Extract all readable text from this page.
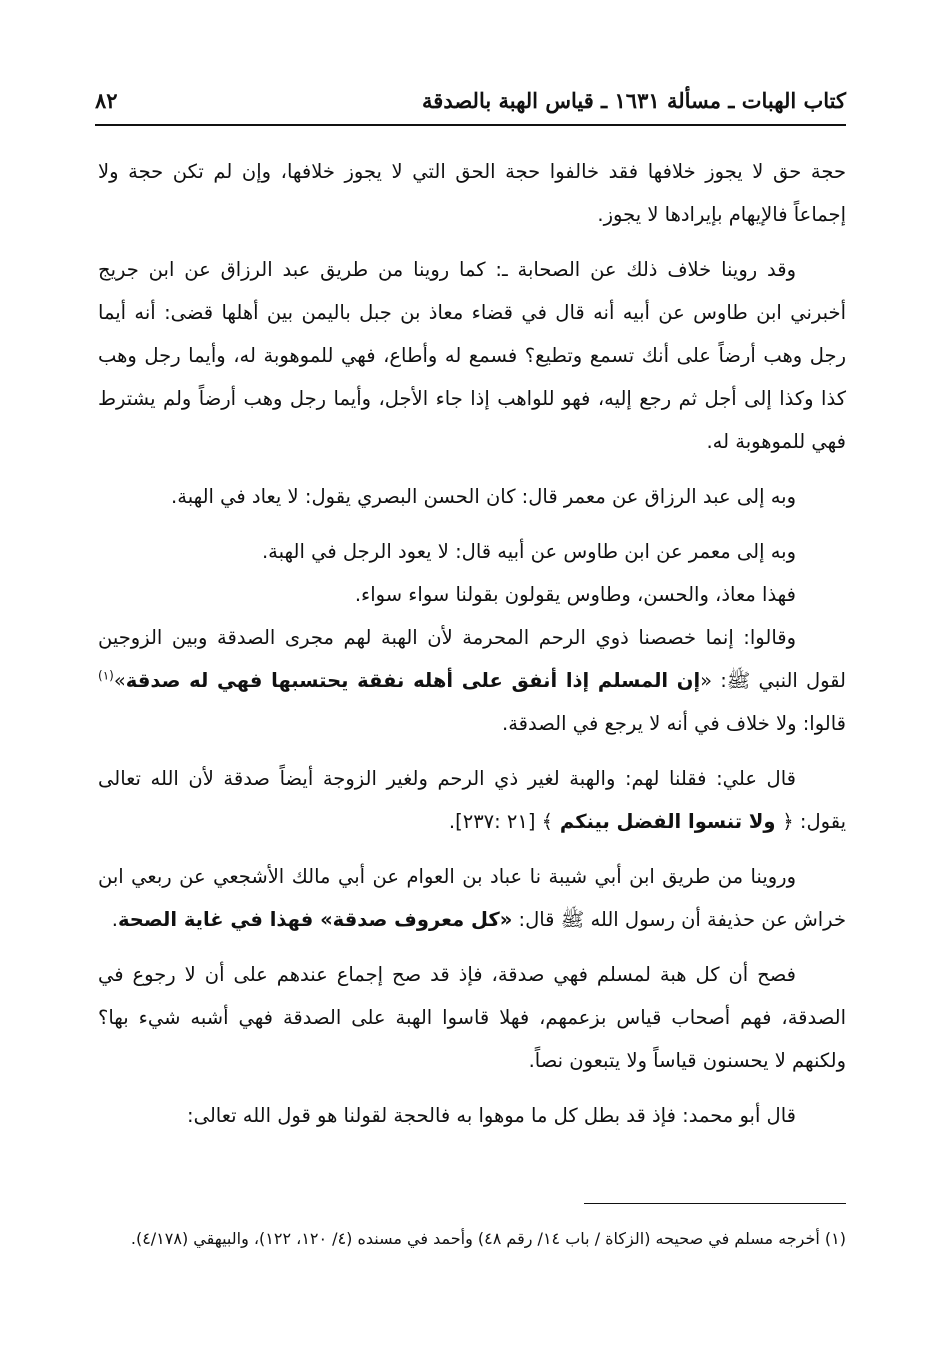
كتاب الهبات ـ مسألة ١٦٣١ ـ قياس الهبة بالصدقة
٨٢

حجة حق لا يجوز خلافها فقد خالفوا حجة الحق التي لا يجوز خلافها، وإن لم تكن حجة ولا إجماعاً فالإيهام بإيرادها لا يجوز.

وقد روينا خلاف ذلك عن الصحابة ـ: كما روينا من طريق عبد الرزاق عن ابن جريج أخبرني ابن طاوس عن أبيه أنه قال في قضاء معاذ بن جبل باليمن بين أهلها قضى: أنه أيما رجل وهب أرضاً على أنك تسمع وتطيع؟ فسمع له وأطاع، فهي للموهوبة له، وأيما رجل وهب كذا وكذا إلى أجل ثم رجع إليه، فهو للواهب إذا جاء الأجل، وأيما رجل وهب أرضاً ولم يشترط فهي للموهوبة له.

وبه إلى عبد الرزاق عن معمر قال: كان الحسن البصري يقول: لا يعاد في الهبة.

وبه إلى معمر عن ابن طاوس عن أبيه قال: لا يعود الرجل في الهبة.

فهذا معاذ، والحسن، وطاوس يقولون بقولنا سواء سواء.

وقالوا: إنما خصصنا ذوي الرحم المحرمة لأن الهبة لهم مجرى الصدقة وبين الزوجين لقول النبي ﷺ: «إن المسلم إذا أنفق على أهله نفقة يحتسبها فهي له صدقة»$^{(١)}$ قالوا: ولا خلاف في أنه لا يرجع في الصدقة.

قال علي: فقلنا لهم: والهبة لغير ذي الرحم ولغير الزوجة أيضاً صدقة لأن الله تعالى يقول: ﴿ ولا تنسوا الفضل بينكم ﴾ [٢١ :٢٣٧].

وروينا من طريق ابن أبي شيبة نا عباد بن العوام عن أبي مالك الأشجعي عن ربعي ابن خراش عن حذيفة أن رسول الله ﷺ قال: «كل معروف صدقة» فهذا في غاية الصحة.

فصح أن كل هبة لمسلم فهي صدقة، فإذ قد صح إجماع عندهم على أن لا رجوع في الصدقة، فهم أصحاب قياس بزعمهم، فهلا قاسوا الهبة على الصدقة فهي أشبه شيء بها؟ ولكنهم لا يحسنون قياساً ولا يتبعون نصاً.

قال أبو محمد: فإذ قد بطل كل ما موهوا به فالحجة لقولنا هو قول الله تعالى:

(١) أخرجه مسلم في صحيحه (الزكاة / باب ١٤/ رقم ٤٨) وأحمد في مسنده (٤/ ١٢٠، ١٢٢)، والبيهقي (٤/١٧٨).
